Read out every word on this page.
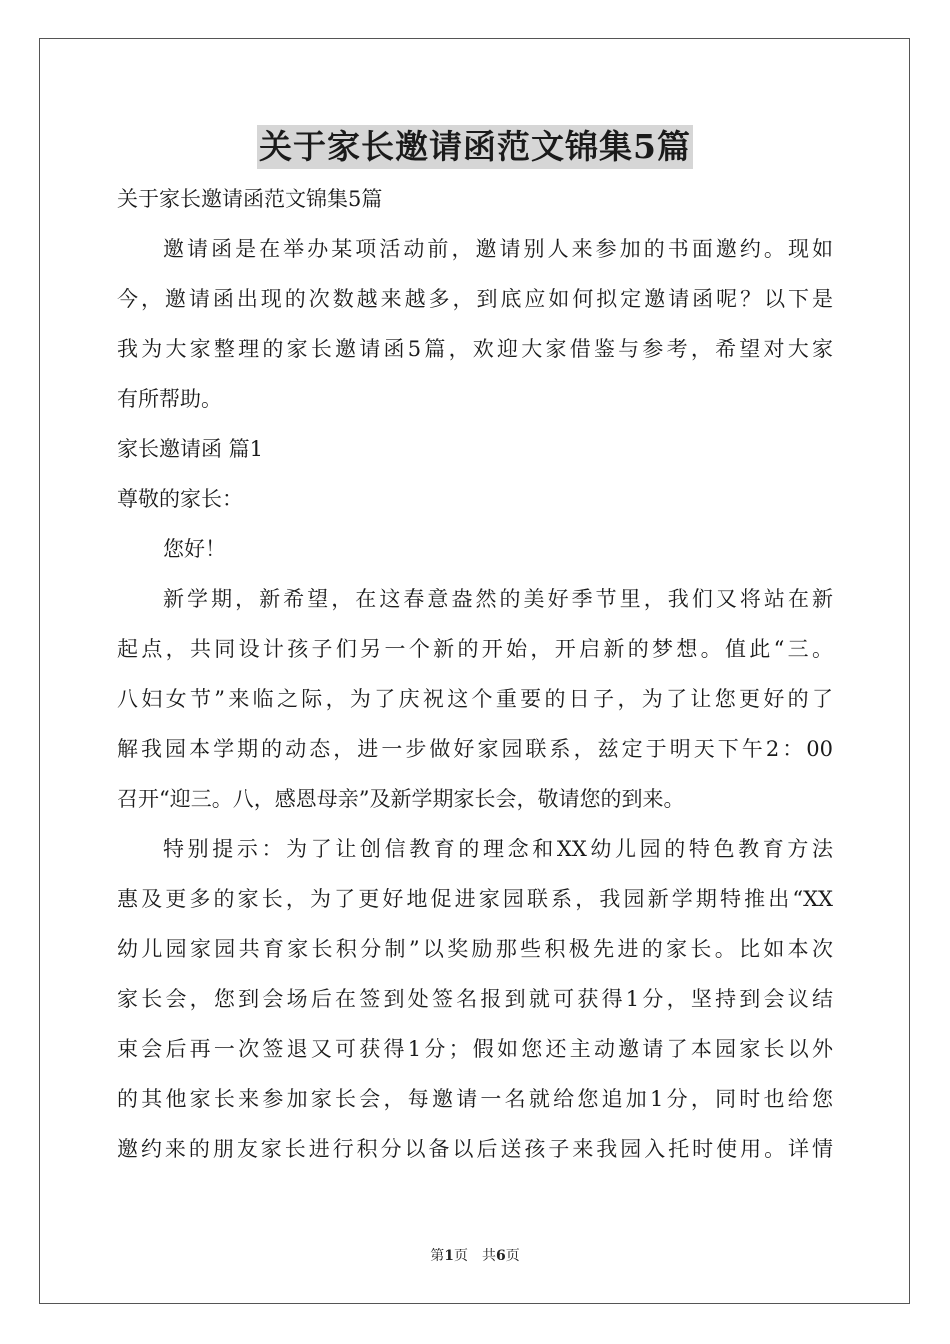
关于家长邀请函范文锦集5篇
关于家长邀请函范文锦集5篇
邀请函是在举办某项活动前，邀请别人来参加的书面邀约。现如
今，邀请函出现的次数越来越多，到底应如何拟定邀请函呢？以下是
我为大家整理的家长邀请函5篇，欢迎大家借鉴与参考，希望对大家
有所帮助。
家长邀请函 篇1
尊敬的家长：
您好！
新学期，新希望，在这春意盎然的美好季节里，我们又将站在新
起点，共同设计孩子们另一个新的开始，开启新的梦想。值此“三。
八妇女节”来临之际，为了庆祝这个重要的日子，为了让您更好的了
解我园本学期的动态，进一步做好家园联系，兹定于明天下午2：00
召开“迎三。八，感恩母亲”及新学期家长会，敬请您的到来。
特别提示：为了让创信教育的理念和XX幼儿园的特色教育方法
惠及更多的家长，为了更好地促进家园联系，我园新学期特推出“XX
幼儿园家园共育家长积分制”以奖励那些积极先进的家长。比如本次
家长会，您到会场后在签到处签名报到就可获得1分，坚持到会议结
束会后再一次签退又可获得1分；假如您还主动邀请了本园家长以外
的其他家长来参加家长会，每邀请一名就给您追加1分，同时也给您
邀约来的朋友家长进行积分以备以后送孩子来我园入托时使用。详情
第1页　共6页
